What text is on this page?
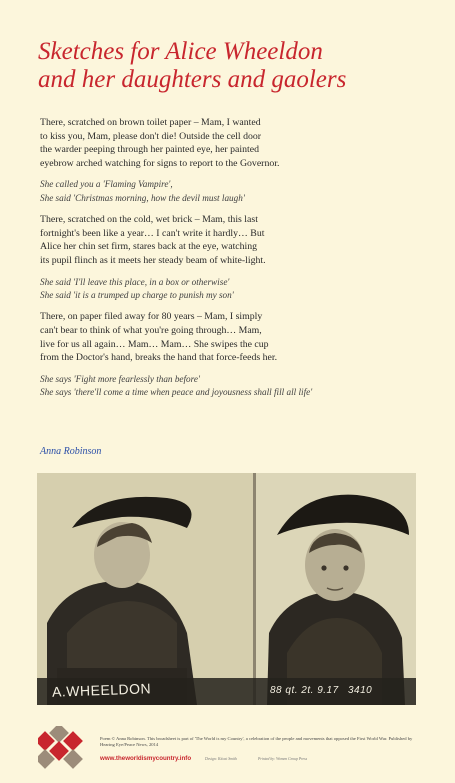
Sketches for Alice Wheeldon
and her daughters and gaolers

There, scratched on brown toilet paper – Mam, I wanted
to kiss you, Mam, please don't die! Outside the cell door
the warder peeping through her painted eye, her painted
eyebrow arched watching for signs to report to the Governor.

She called you a 'Flaming Vampire',
She said 'Christmas morning, how the devil must laugh'

There, scratched on the cold, wet brick – Mam, this last
fortnight's been like a year… I can't write it hardly… But
Alice her chin set firm, stares back at the eye, watching
its pupil flinch as it meets her steady beam of white-light.

She said 'I'll leave this place, in a box or otherwise'
She said 'it is a trumped up charge to punish my son'

There, on paper filed away for 80 years – Mam, I simply
can't bear to think of what you're going through… Mam,
live for us all again… Mam… Mam… She swipes the cup
from the Doctor's hand, breaks the hand that force-feeds her.

She says 'Fight more fearlessly than before'
She says 'there'll come a time when peace and joyousness shall fill all life'

Anna Robinson
A.WHEELDON	88 qt. 2t. 9.17 3410
Poem © Anna Robinson. This broadsheet is part of 'The World is my Country', a celebration of the people and movements that opposed the First World War. Published by Hearing Eye/Peace News, 2014
www.theworldismycountry.info	Design: Kitcat Smith	Printed by: Women Group Press
